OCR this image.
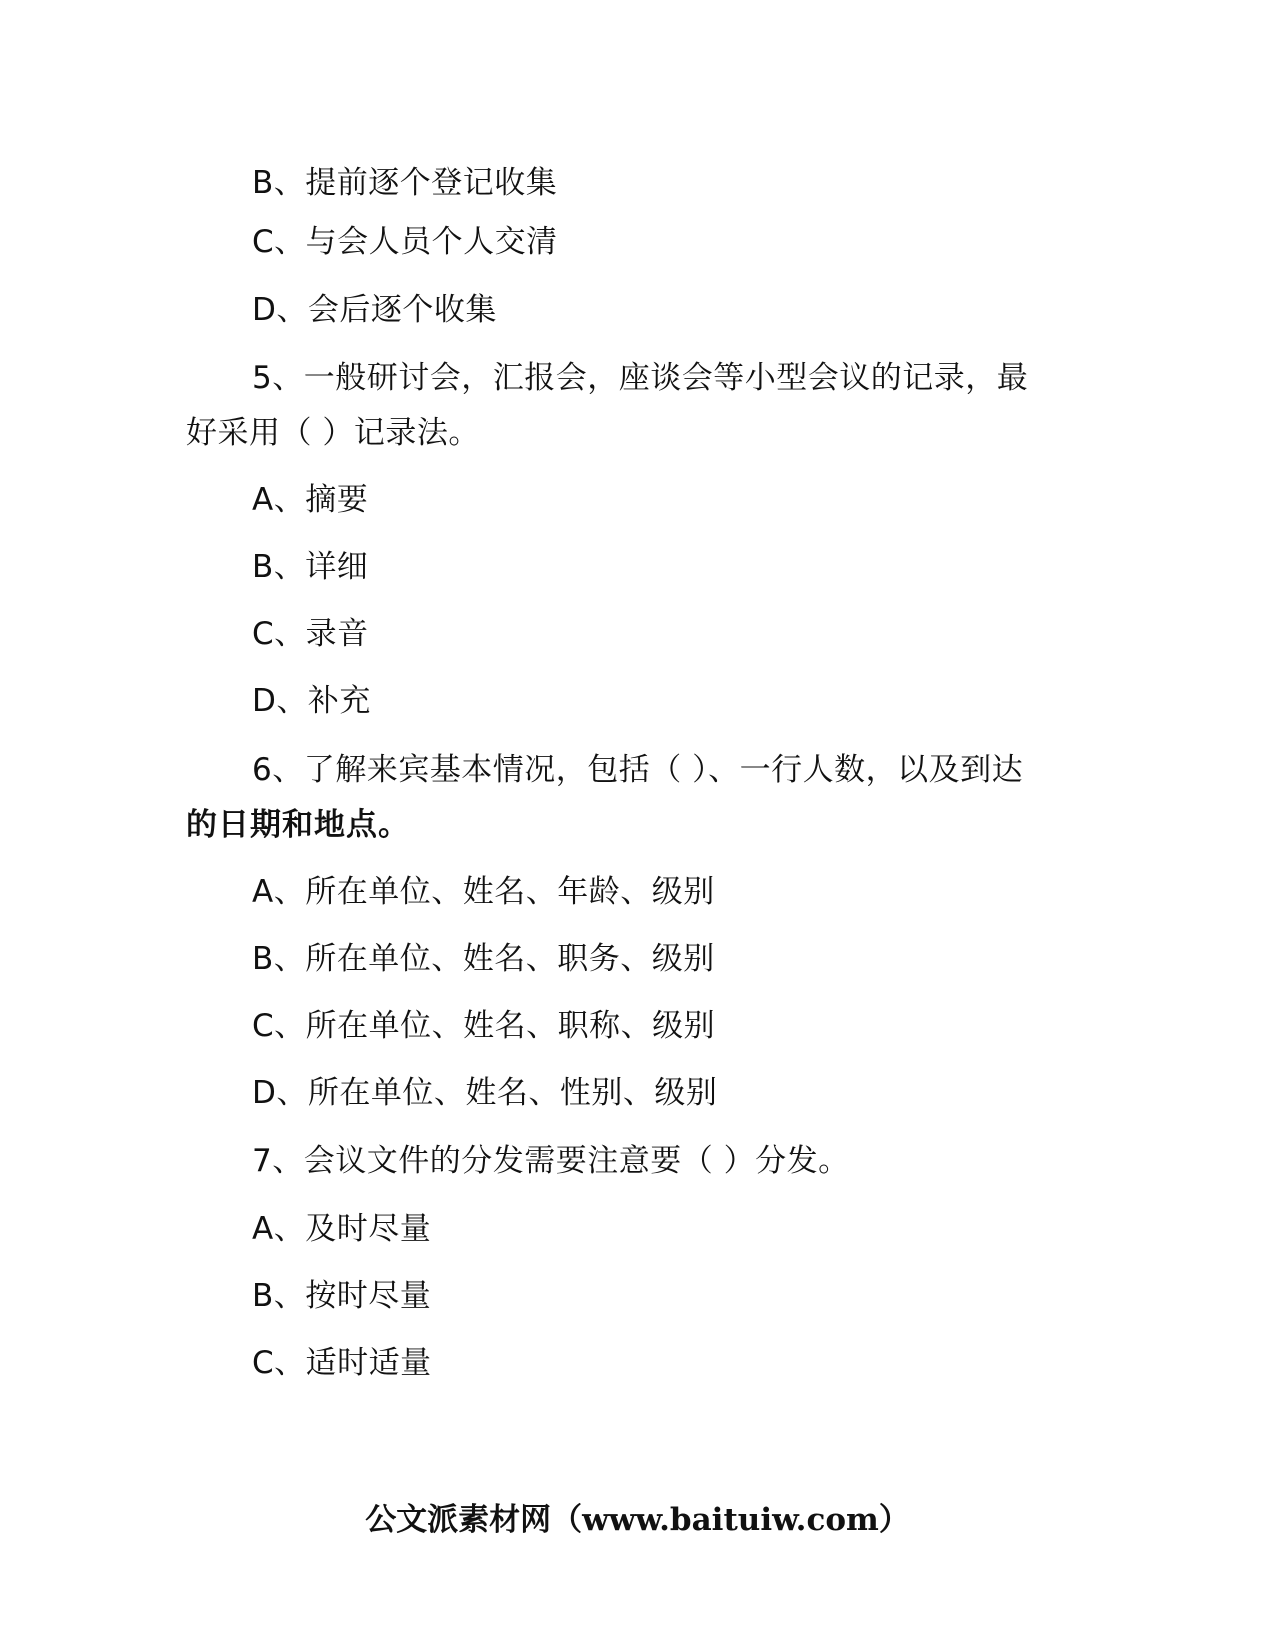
B、提前逐个登记收集
C、与会人员个人交清
D、会后逐个收集
5、一般研讨会，汇报会，座谈会等小型会议的记录，最
好采用（ ）记录法。
A、摘要
B、详细
C、录音
D、补充
6、了解来宾基本情况，包括（ ）、一行人数，以及到达
的日期和地点。
A、所在单位、姓名、年龄、级别
B、所在单位、姓名、职务、级别
C、所在单位、姓名、职称、级别
D、所在单位、姓名、性别、级别
7、会议文件的分发需要注意要（ ）分发。
A、及时尽量
B、按时尽量
C、适时适量
公文派素材网（www.baituiw.com）
